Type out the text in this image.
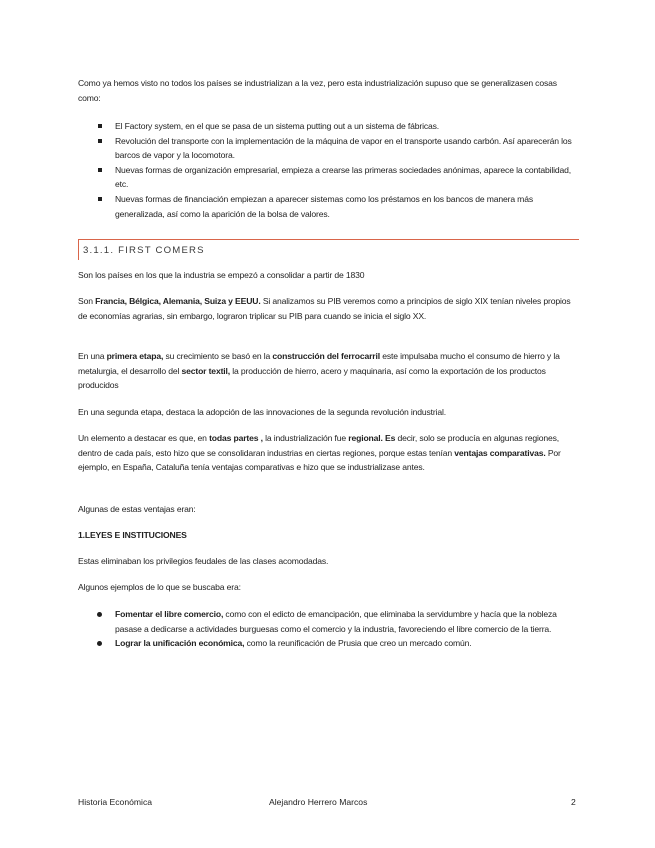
Como ya hemos visto no todos los países se industrializan a la vez, pero esta industrialización supuso que se generalizasen cosas como:

El Factory system, en el que se pasa de un sistema putting out a un sistema de fábricas.
Revolución del transporte con la implementación de la máquina de vapor en el transporte usando carbón. Así aparecerán los barcos de vapor y la locomotora.
Nuevas formas de organización empresarial, empieza a crearse las primeras sociedades anónimas, aparece la contabilidad, etc.
Nuevas formas de financiación empiezan a aparecer sistemas como los préstamos en los bancos de manera más generalizada, así como la aparición de la bolsa de valores.
3.1.1. FIRST COMERS

Son los países en los que la industria se empezó a consolidar a partir de 1830

Son Francia, Bélgica, Alemania, Suiza y EEUU. Si analizamos su PIB veremos como a principios de siglo XIX tenían niveles propios de economías agrarias, sin embargo, lograron triplicar su PIB para cuando se inicia el siglo XX.

En una primera etapa, su crecimiento se basó en la construcción del ferrocarril este impulsaba mucho el consumo de hierro y la metalurgia, el desarrollo del sector textil, la producción de hierro, acero y maquinaria, así como la exportación de los productos producidos

En una segunda etapa, destaca la adopción de las innovaciones de la segunda revolución industrial.

Un elemento a destacar es que, en todas partes , la industrialización fue regional. Es decir, solo se producía en algunas regiones, dentro de cada país, esto hizo que se consolidaran industrias en ciertas regiones, porque estas tenían ventajas comparativas. Por ejemplo, en España, Cataluña tenía ventajas comparativas e hizo que se industrializase antes.

Algunas de estas ventajas eran:

1.LEYES E INSTITUCIONES

Estas eliminaban los privilegios feudales de las clases acomodadas.

Algunos ejemplos de lo que se buscaba era:

Fomentar el libre comercio, como con el edicto de emancipación, que eliminaba la servidumbre y hacía que la nobleza pasase a dedicarse a actividades burguesas como el comercio y la industria, favoreciendo el libre comercio de la tierra.
Lograr la unificación económica, como la reunificación de Prusia que creo un mercado común.
Historia Económica	Alejandro Herrero Marcos	2
